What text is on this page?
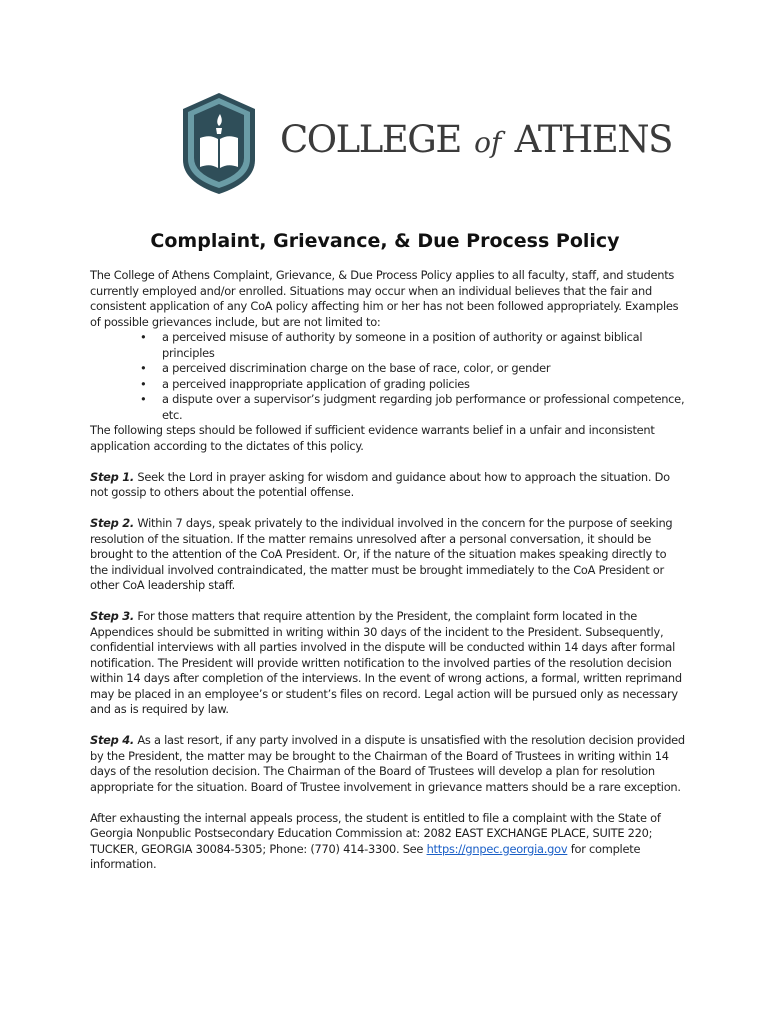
COLLEGE of ATHENS
Complaint, Grievance, & Due Process Policy

The College of Athens Complaint, Grievance, & Due Process Policy applies to all faculty, staff, and students currently employed and/or enrolled. Situations may occur when an individual believes that the fair and consistent application of any CoA policy affecting him or her has not been followed appropriately. Examples of possible grievances include, but are not limited to:

• a perceived misuse of authority by someone in a position of authority or against biblical principles
• a perceived discrimination charge on the base of race, color, or gender
• a perceived inappropriate application of grading policies
• a dispute over a supervisor’s judgment regarding job performance or professional competence, etc.

The following steps should be followed if sufficient evidence warrants belief in a unfair and inconsistent application according to the dictates of this policy.

Step 1. Seek the Lord in prayer asking for wisdom and guidance about how to approach the situation. Do not gossip to others about the potential offense.

Step 2. Within 7 days, speak privately to the individual involved in the concern for the purpose of seeking resolution of the situation. If the matter remains unresolved after a personal conversation, it should be brought to the attention of the CoA President. Or, if the nature of the situation makes speaking directly to the individual involved contraindicated, the matter must be brought immediately to the CoA President or other CoA leadership staff.

Step 3. For those matters that require attention by the President, the complaint form located in the Appendices should be submitted in writing within 30 days of the incident to the President. Subsequently, confidential interviews with all parties involved in the dispute will be conducted within 14 days after formal notification. The President will provide written notification to the involved parties of the resolution decision within 14 days after completion of the interviews. In the event of wrong actions, a formal, written reprimand may be placed in an employee’s or student’s files on record. Legal action will be pursued only as necessary and as is required by law.

Step 4. As a last resort, if any party involved in a dispute is unsatisfied with the resolution decision provided by the President, the matter may be brought to the Chairman of the Board of Trustees in writing within 14 days of the resolution decision. The Chairman of the Board of Trustees will develop a plan for resolution appropriate for the situation. Board of Trustee involvement in grievance matters should be a rare exception.

After exhausting the internal appeals process, the student is entitled to file a complaint with the State of Georgia Nonpublic Postsecondary Education Commission at: 2082 EAST EXCHANGE PLACE, SUITE 220; TUCKER, GEORGIA 30084-5305; Phone: (770) 414-3300. See https://gnpec.georgia.gov for complete information.
